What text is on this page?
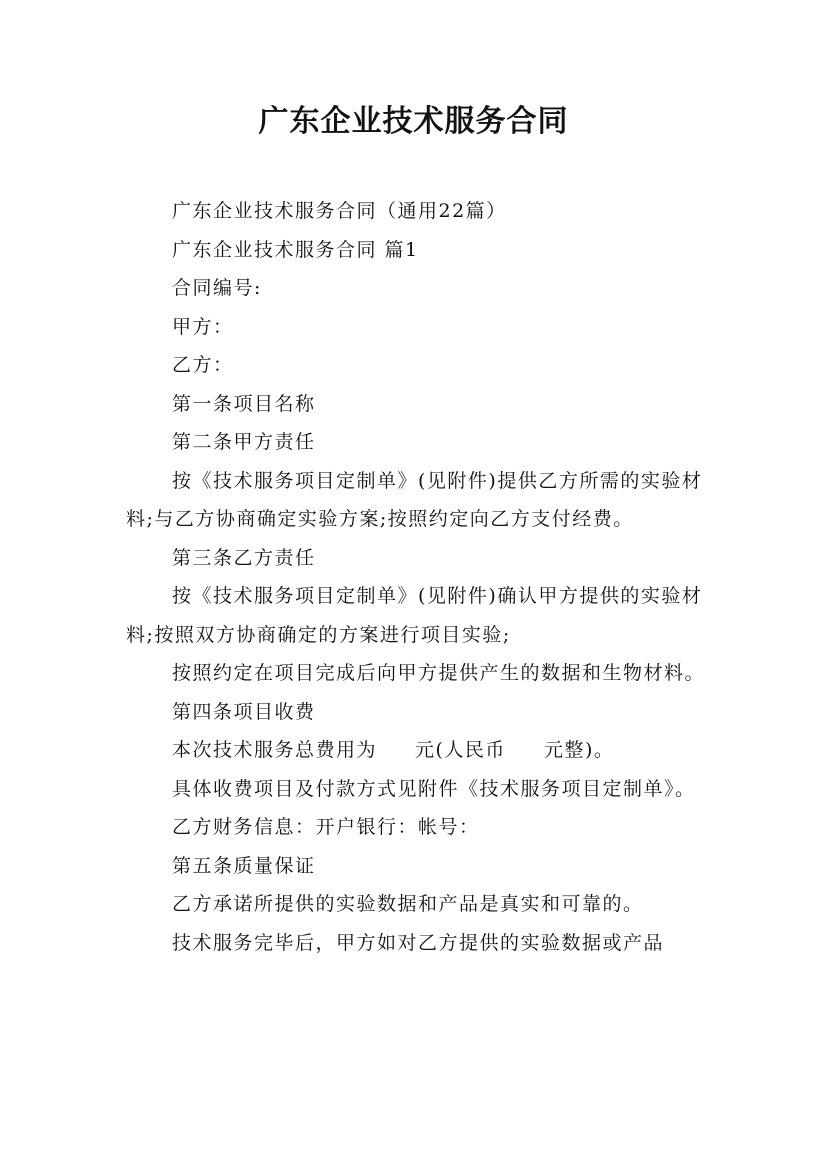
广东企业技术服务合同

广东企业技术服务合同（通用22篇）

广东企业技术服务合同 篇1

合同编号:

甲方：

乙方：

第一条项目名称

第二条甲方责任

按《技术服务项目定制单》(见附件)提供乙方所需的实验材料;与乙方协商确定实验方案;按照约定向乙方支付经费。

第三条乙方责任

按《技术服务项目定制单》(见附件)确认甲方提供的实验材料;按照双方协商确定的方案进行项目实验;

按照约定在项目完成后向甲方提供产生的数据和生物材料。

第四条项目收费

本次技术服务总费用为 元(人民币 元整)。

具体收费项目及付款方式见附件《技术服务项目定制单》。

乙方财务信息：开户银行：帐号：

第五条质量保证

乙方承诺所提供的实验数据和产品是真实和可靠的。

技术服务完毕后，甲方如对乙方提供的实验数据或产品
